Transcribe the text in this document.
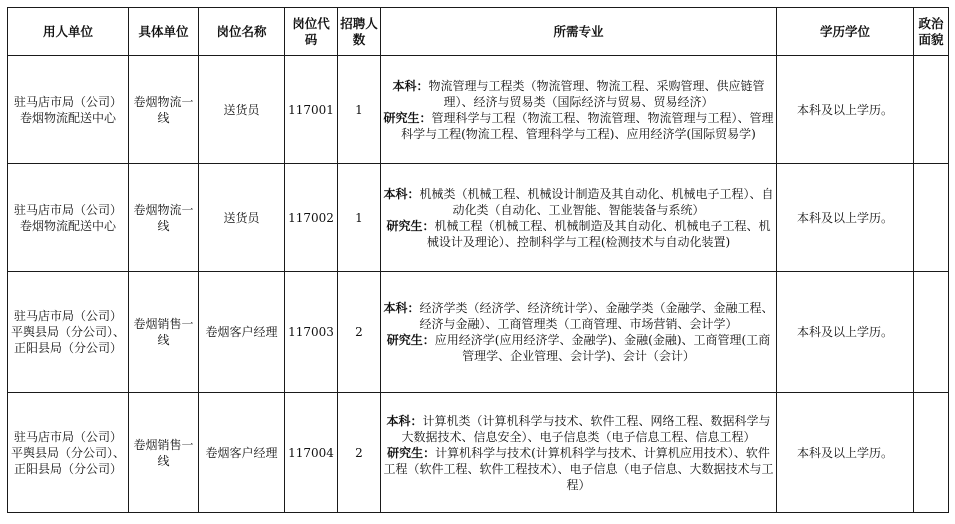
用人单位	具体单位	岗位名称	岗位代码	招聘人数	所需专业	学历学位	政治面貌
驻马店市局（公司）卷烟物流配送中心	卷烟物流一线	送货员	117001	1	本科：物流管理与工程类（物流管理、物流工程、采购管理、供应链管理）、经济与贸易类（国际经济与贸易、贸易经济）
研究生：管理科学与工程（物流工程、物流管理、物流管理与工程）、管理科学与工程(物流工程、管理科学与工程)、应用经济学(国际贸易学)	本科及以上学历。	
驻马店市局（公司）卷烟物流配送中心	卷烟物流一线	送货员	117002	1	本科：机械类（机械工程、机械设计制造及其自动化、机械电子工程）、自动化类（自动化、工业智能、智能装备与系统）
研究生：机械工程（机械工程、机械制造及其自动化、机械电子工程、机械设计及理论）、控制科学与工程(检测技术与自动化装置)	本科及以上学历。	
驻马店市局（公司）平舆县局（分公司）、正阳县局（分公司）	卷烟销售一线	卷烟客户经理	117003	2	本科：经济学类（经济学、经济统计学）、金融学类（金融学、金融工程、经济与金融）、工商管理类（工商管理、市场营销、会计学）
研究生：应用经济学(应用经济学、金融学)、金融(金融)、工商管理(工商管理学、企业管理、会计学)、会计（会计）	本科及以上学历。	
驻马店市局（公司）平舆县局（分公司）、正阳县局（分公司）	卷烟销售一线	卷烟客户经理	117004	2	本科：计算机类（计算机科学与技术、软件工程、网络工程、数据科学与大数据技术、信息安全）、电子信息类（电子信息工程、信息工程）
研究生：计算机科学与技术(计算机科学与技术、计算机应用技术）、软件工程（软件工程、软件工程技术）、电子信息（电子信息、大数据技术与工程）	本科及以上学历。	
